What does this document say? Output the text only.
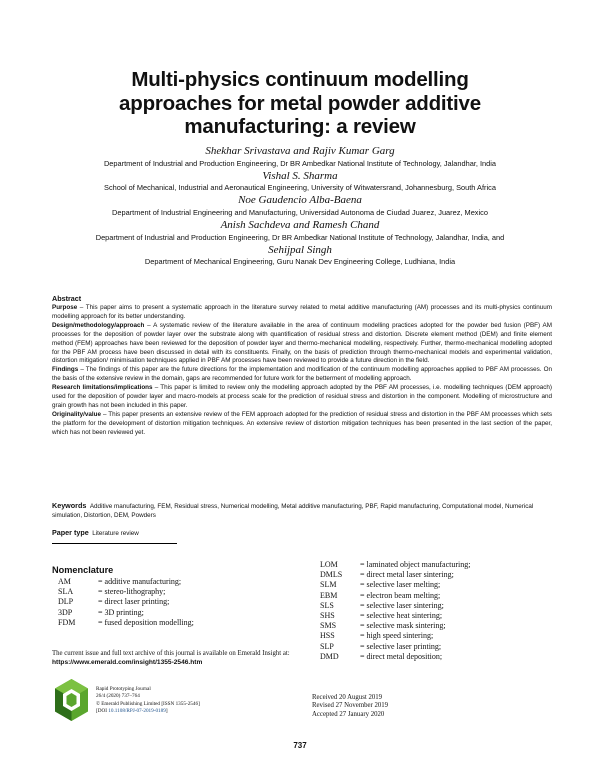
Multi-physics continuum modelling
approaches for metal powder additive
manufacturing: a review
Shekhar Srivastava and Rajiv Kumar Garg
Department of Industrial and Production Engineering, Dr BR Ambedkar National Institute of Technology, Jalandhar, India
Vishal S. Sharma
School of Mechanical, Industrial and Aeronautical Engineering, University of Witwatersrand, Johannesburg, South Africa
Noe Gaudencio Alba-Baena
Department of Industrial Engineering and Manufacturing, Universidad Autonoma de Ciudad Juarez, Juarez, Mexico
Anish Sachdeva and Ramesh Chand
Department of Industrial and Production Engineering, Dr BR Ambedkar National Institute of Technology, Jalandhar, India, and
Sehijpal Singh
Department of Mechanical Engineering, Guru Nanak Dev Engineering College, Ludhiana, India
Abstract

Purpose – This paper aims to present a systematic approach in the literature survey related to metal additive manufacturing (AM) processes and its multi-physics continuum modelling approach for its better understanding.

Design/methodology/approach – A systematic review of the literature available in the area of continuum modelling practices adopted for the powder bed fusion (PBF) AM processes for the deposition of powder layer over the substrate along with quantification of residual stress and distortion. Discrete element method (DEM) and finite element method (FEM) approaches have been reviewed for the deposition of powder layer and thermo-mechanical modelling, respectively. Further, thermo-mechanical modelling adopted for the PBF AM process have been discussed in detail with its constituents. Finally, on the basis of prediction through thermo-mechanical models and experimental validation, distortion mitigation/ minimisation techniques applied in PBF AM processes have been reviewed to provide a future direction in the field.

Findings – The findings of this paper are the future directions for the implementation and modification of the continuum modelling approaches applied to PBF AM processes. On the basis of the extensive review in the domain, gaps are recommended for future work for the betterment of modelling approach.

Research limitations/implications – This paper is limited to review only the modelling approach adopted by the PBF AM processes, i.e. modelling techniques (DEM approach) used for the deposition of powder layer and macro-models at process scale for the prediction of residual stress and distortion in the component. Modelling of microstructure and grain growth has not been included in this paper.

Originality/value – This paper presents an extensive review of the FEM approach adopted for the prediction of residual stress and distortion in the PBF AM processes which sets the platform for the development of distortion mitigation techniques. An extensive review of distortion mitigation techniques has been presented in the last section of the paper, which has not been reviewed yet.

Keywords Additive manufacturing, FEM, Residual stress, Numerical modelling, Metal additive manufacturing, PBF, Rapid manufacturing, Computational model, Numerical simulation, Distortion, DEM, Powders
Paper type Literature review
Nomenclature
AM	= additive manufacturing;
SLA	= stereo-lithography;
DLP	= direct laser printing;
3DP	= 3D printing;
FDM	= fused deposition modelling;
LOM	= laminated object manufacturing;
DMLS	= direct metal laser sintering;
SLM	= selective laser melting;
EBM	= electron beam melting;
SLS	= selective laser sintering;
SHS	= selective heat sintering;
SMS	= selective mask sintering;
HSS	= high speed sintering;
SLP	= selective laser printing;
DMD	= direct metal deposition;
The current issue and full text archive of this journal is available on Emerald Insight at: https://www.emerald.com/insight/1355-2546.htm
Rapid Prototyping Journal
26/4 (2020) 737–764
© Emerald Publishing Limited [ISSN 1355-2546]
[DOI 10.1108/RPJ-07-2019-0189]
Received 20 August 2019
Revised 27 November 2019
Accepted 27 January 2020
737
